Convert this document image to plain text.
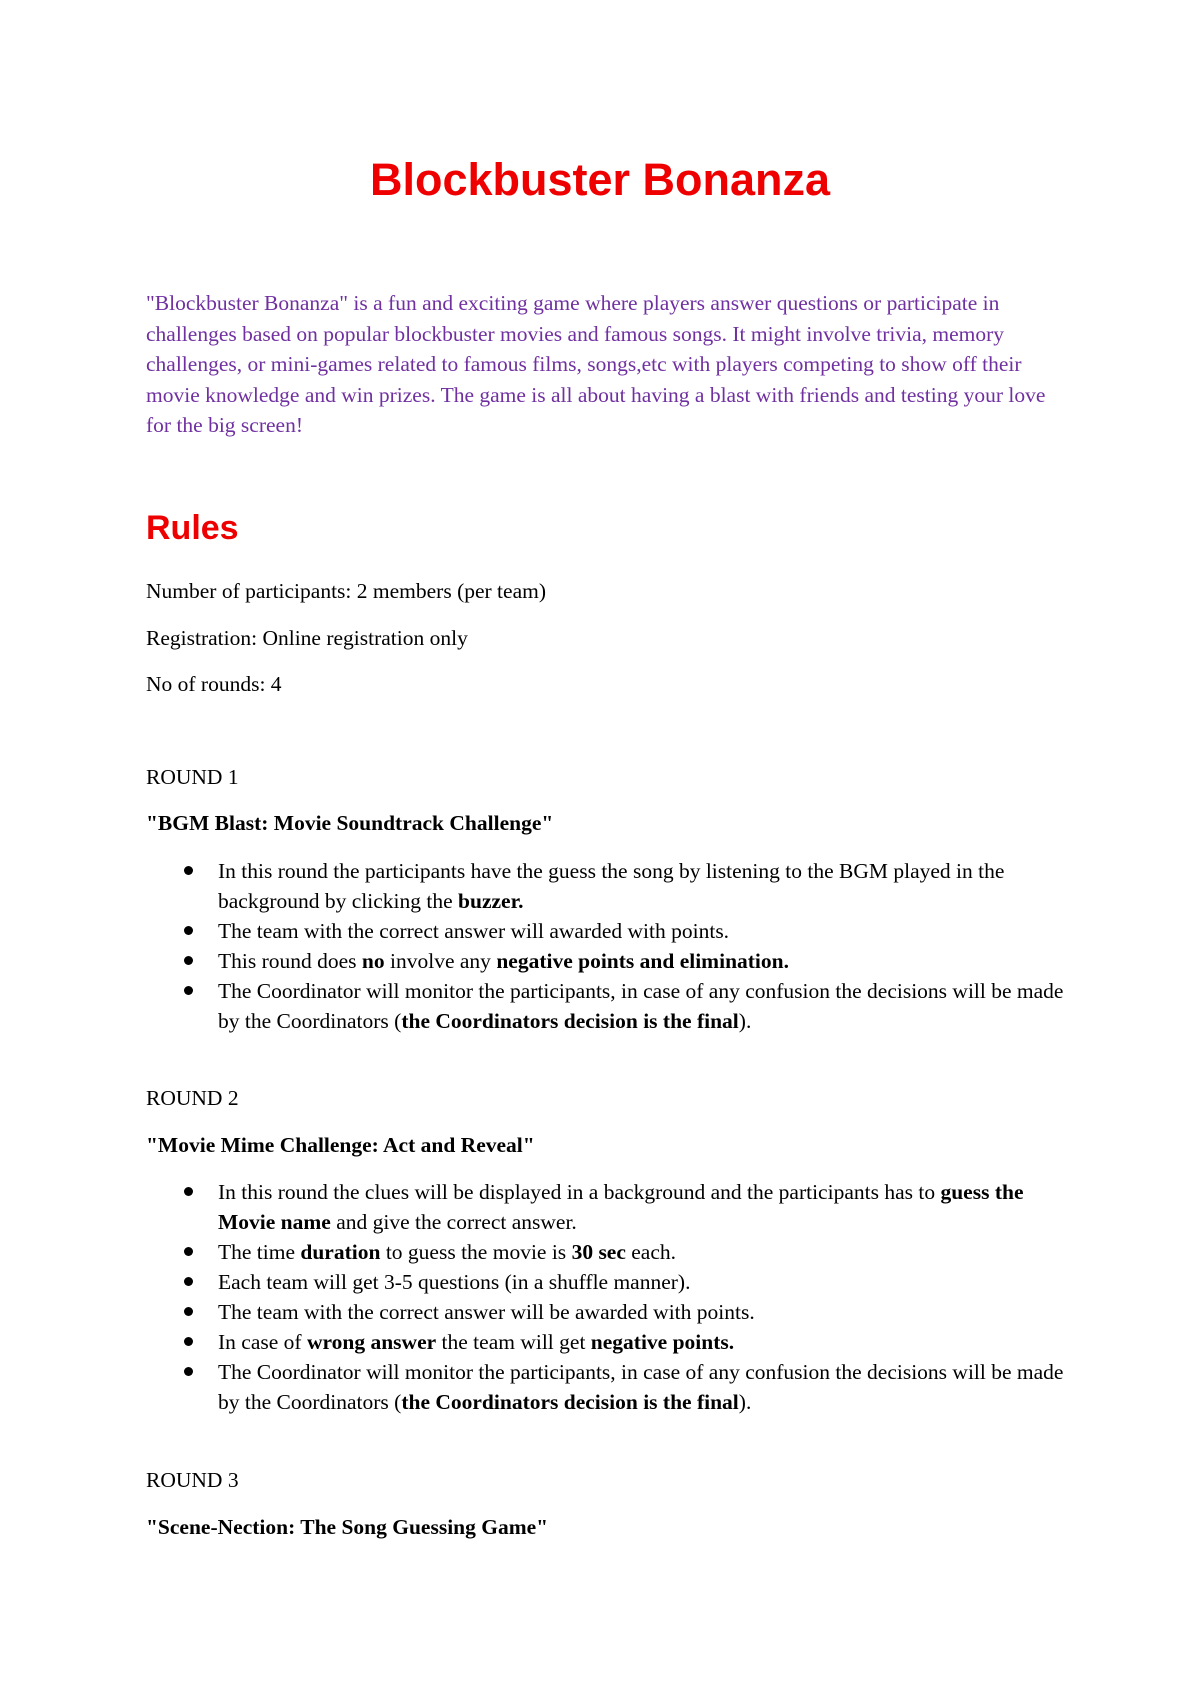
Blockbuster Bonanza

"Blockbuster Bonanza" is a fun and exciting game where players answer questions or participate in challenges based on popular blockbuster movies and famous songs. It might involve trivia, memory challenges, or mini-games related to famous films, songs,etc with players competing to show off their movie knowledge and win prizes. The game is all about having a blast with friends and testing your love for the big screen!

Rules

Number of participants: 2 members (per team)

Registration: Online registration only

No of rounds: 4

ROUND 1

"BGM Blast: Movie Soundtrack Challenge"

In this round the participants have the guess the song by listening to the BGM played in the background by clicking the buzzer.
The team with the correct answer will awarded with points.
This round does no involve any negative points and elimination.
The Coordinator will monitor the participants, in case of any confusion the decisions will be made by the Coordinators (the Coordinators decision is the final).

ROUND 2

"Movie Mime Challenge: Act and Reveal"

In this round the clues will be displayed in a background and the participants has to guess the Movie name and give the correct answer.
The time duration to guess the movie is 30 sec each.
Each team will get 3-5 questions (in a shuffle manner).
The team with the correct answer will be awarded with points.
In case of wrong answer the team will get negative points.
The Coordinator will monitor the participants, in case of any confusion the decisions will be made by the Coordinators (the Coordinators decision is the final).

ROUND 3

"Scene-Nection: The Song Guessing Game"
